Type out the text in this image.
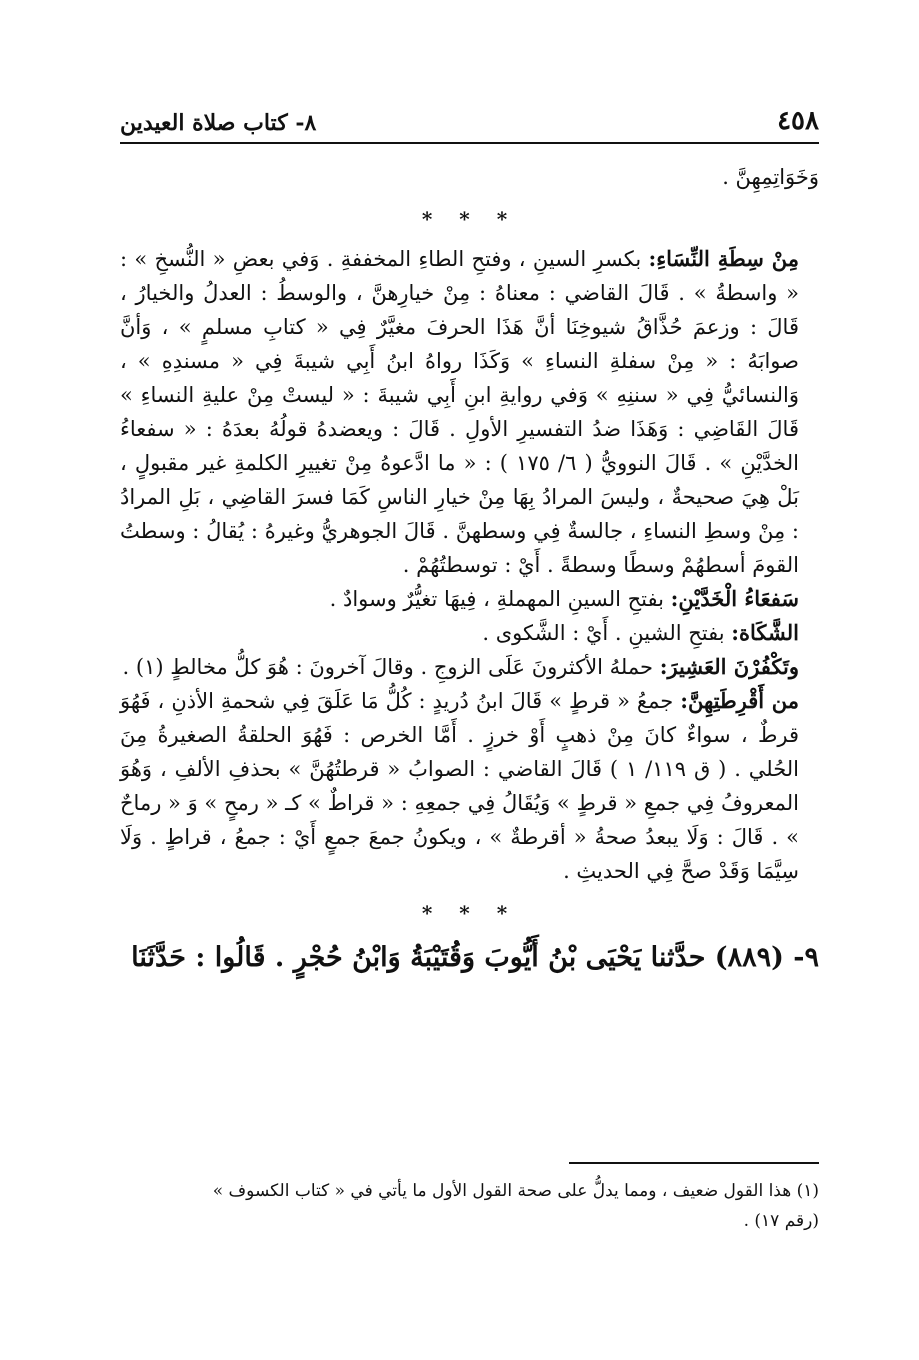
٤٥٨
٨- كتاب صلاة العيدين

وَخَوَاتِمِهِنَّ .

* * *

مِنْ سِطَةِ النِّسَاءِ: بكسرِ السينِ ، وفتحِ الطاءِ المخففةِ . وَفي بعضِ « النُّسخِ » : « واسطةُ » . قَالَ القاضي : معناهُ : مِنْ خيارِهنَّ ، والوسطُ : العدلُ والخيارُ ، قَالَ : وزعمَ حُذَّاقُ شيوخِنَا أنَّ هَذَا الحرفَ مغيَّرٌ فِي « كتابِ مسلمٍ » ، وَأنَّ صوابَهُ : « مِنْ سفلةِ النساءِ » وَكَذَا رواهُ ابنُ أَبِي شيبةَ فِي « مسندِهِ » ، وَالنسائيُّ فِي « سننِهِ » وَفي روايةِ ابنِ أَبِي شيبةَ : « ليستْ مِنْ عليةِ النساءِ » قَالَ القَاضِي : وَهَذَا ضدُ التفسيرِ الأولِ . قَالَ : ويعضدهُ قولُهُ بعدَهُ : « سفعاءُ الخدَّيْنِ » . قَالَ النوويُّ ( ٦/ ١٧٥ ) : « ما ادَّعوهُ مِنْ تغييرِ الكلمةِ غير مقبولٍ ، بَلْ هِيَ صحيحةٌ ، وليسَ المرادُ بِهَا مِنْ خيارِ الناسِ كَمَا فسرَ القاضِي ، بَلِ المرادُ : مِنْ وسطِ النساءِ ، جالسةٌ فِي وسطهنَّ . قَالَ الجوهريُّ وغيرهُ : يُقالُ : وسطتُ القومَ أسطهُمْ وسطًا وسطةً . أَيْ : توسطتُهُمْ .

سَفعَاءُ الْخَدَّيْنِ: بفتحِ السينِ المهملةِ ، فِيهَا تغيُّرٌ وسوادٌ .

الشَّكَاة: بفتحِ الشينِ . أَيْ : الشَّكوى .

وتَكْفُرْنَ العَشِيرَ: حملهُ الأكثرونَ عَلَى الزوجِ . وقالَ آخرونَ : هُوَ كلُّ مخالطٍ (١) .

من أَقْرِطَتِهِنَّ: جمعُ « قرطٍ » قَالَ ابنُ دُريدٍ : كُلُّ مَا عَلَقَ فِي شحمةِ الأذنِ ، فَهُوَ قرطٌ ، سواءٌ كانَ مِنْ ذهبٍ أَوْ خرزٍ . أَمَّا الخرص : فَهُوَ الحلقةُ الصغيرةُ مِنَ الحُلي . ( ق ١١٩/ ١ ) قَالَ القاضي : الصوابُ « قرطتُهُنَّ » بحذفِ الألفِ ، وَهُوَ المعروفُ فِي جمعِ « قرطٍ » وَيُقَالُ فِي جمعِهِ : « قراطٌ » كـ « رمحٍ » وَ « رماحٌ » . قَالَ : وَلَا يبعدُ صحةُ « أقرطةٌ » ، ويكونُ جمعَ جمعٍ أَيْ : جمعُ ، قراطٍ . وَلَا سِيَّمَا وَقَدْ صحَّ فِي الحديثِ .

* * *

٩- (٨٨٩) حدَّثنا يَحْيَى بْنُ أَيُّوبَ وَقُتَيْبَةُ وَابْنُ حُجْرٍ . قَالُوا : حَدَّثَنَا

(١) هذا القول ضعيف ، ومما يدلُّ على صحة القول الأول ما يأتي في « كتاب الكسوف »

(رقم ١٧) .
